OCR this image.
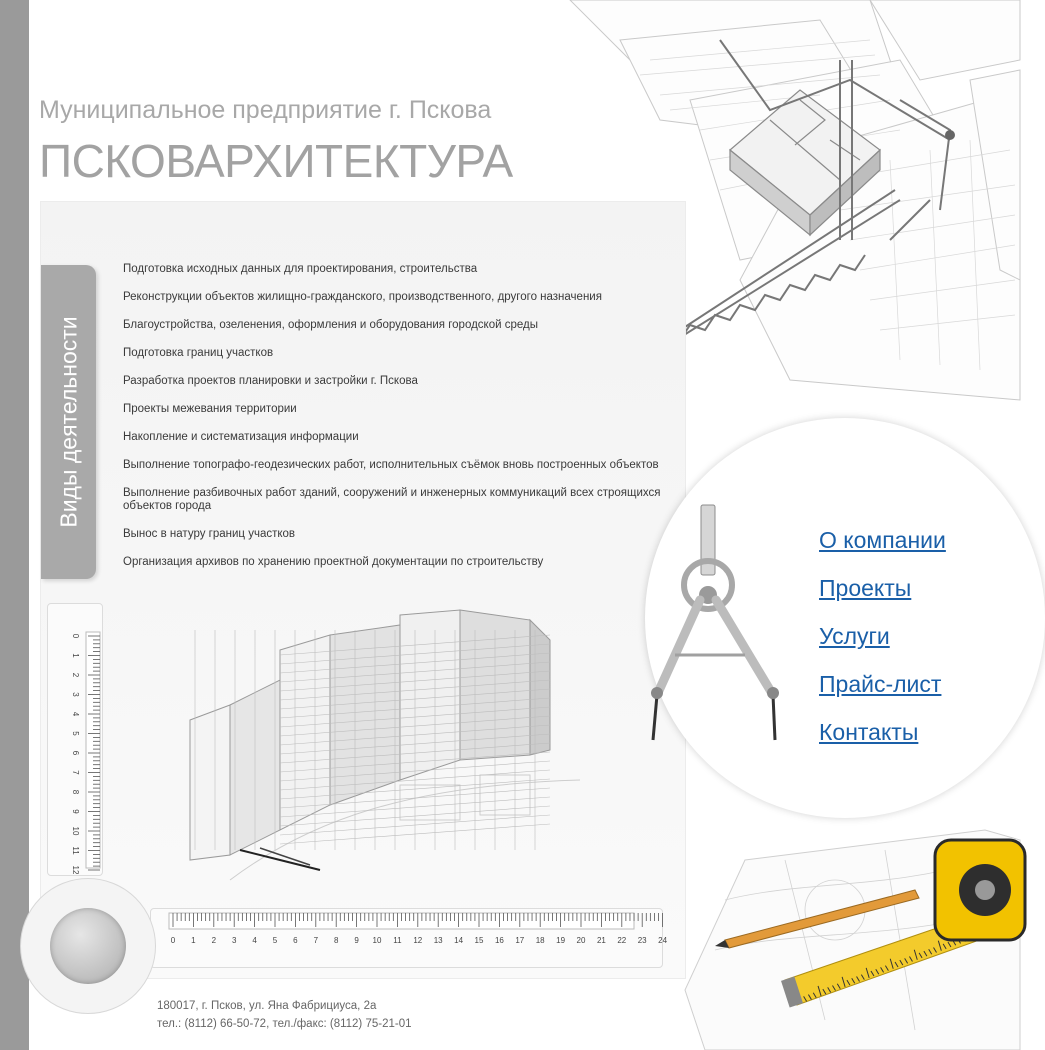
Муниципальное предприятие г. Пскова
ПСКОВАРХИТЕКТУРА
Виды деятельности
Подготовка исходных данных для проектирования, строительства
Реконструкции объектов жилищно-гражданского, производственного, другого назначения
Благоустройства, озеленения, оформления и оборудования городской среды
Подготовка границ участков
Разработка проектов планировки и застройки г. Пскова
Проекты межевания территории
Накопление и систематизация информации
Выполнение топографо-геодезических работ, исполнительных съёмок вновь построенных объектов
Выполнение разбивочных работ зданий, сооружений и инженерных коммуникаций всех строящихся объектов города
Вынос в натуру границ участков
Организация архивов по хранению проектной документации по строительству
0
1
2
3
4
5
6
7
8
9
10
11
12
0 1 2 3 4 5 6 7 8 9 10 11 12 13 14 15 16 17 18 19 20 21 22 23 24
О компании
Проекты
Услуги
Прайс-лист
Контакты
180017, г. Псков, ул. Яна Фабрициуса, 2а
тел.: (8112) 66-50-72, тел./факс: (8112) 75-21-01
